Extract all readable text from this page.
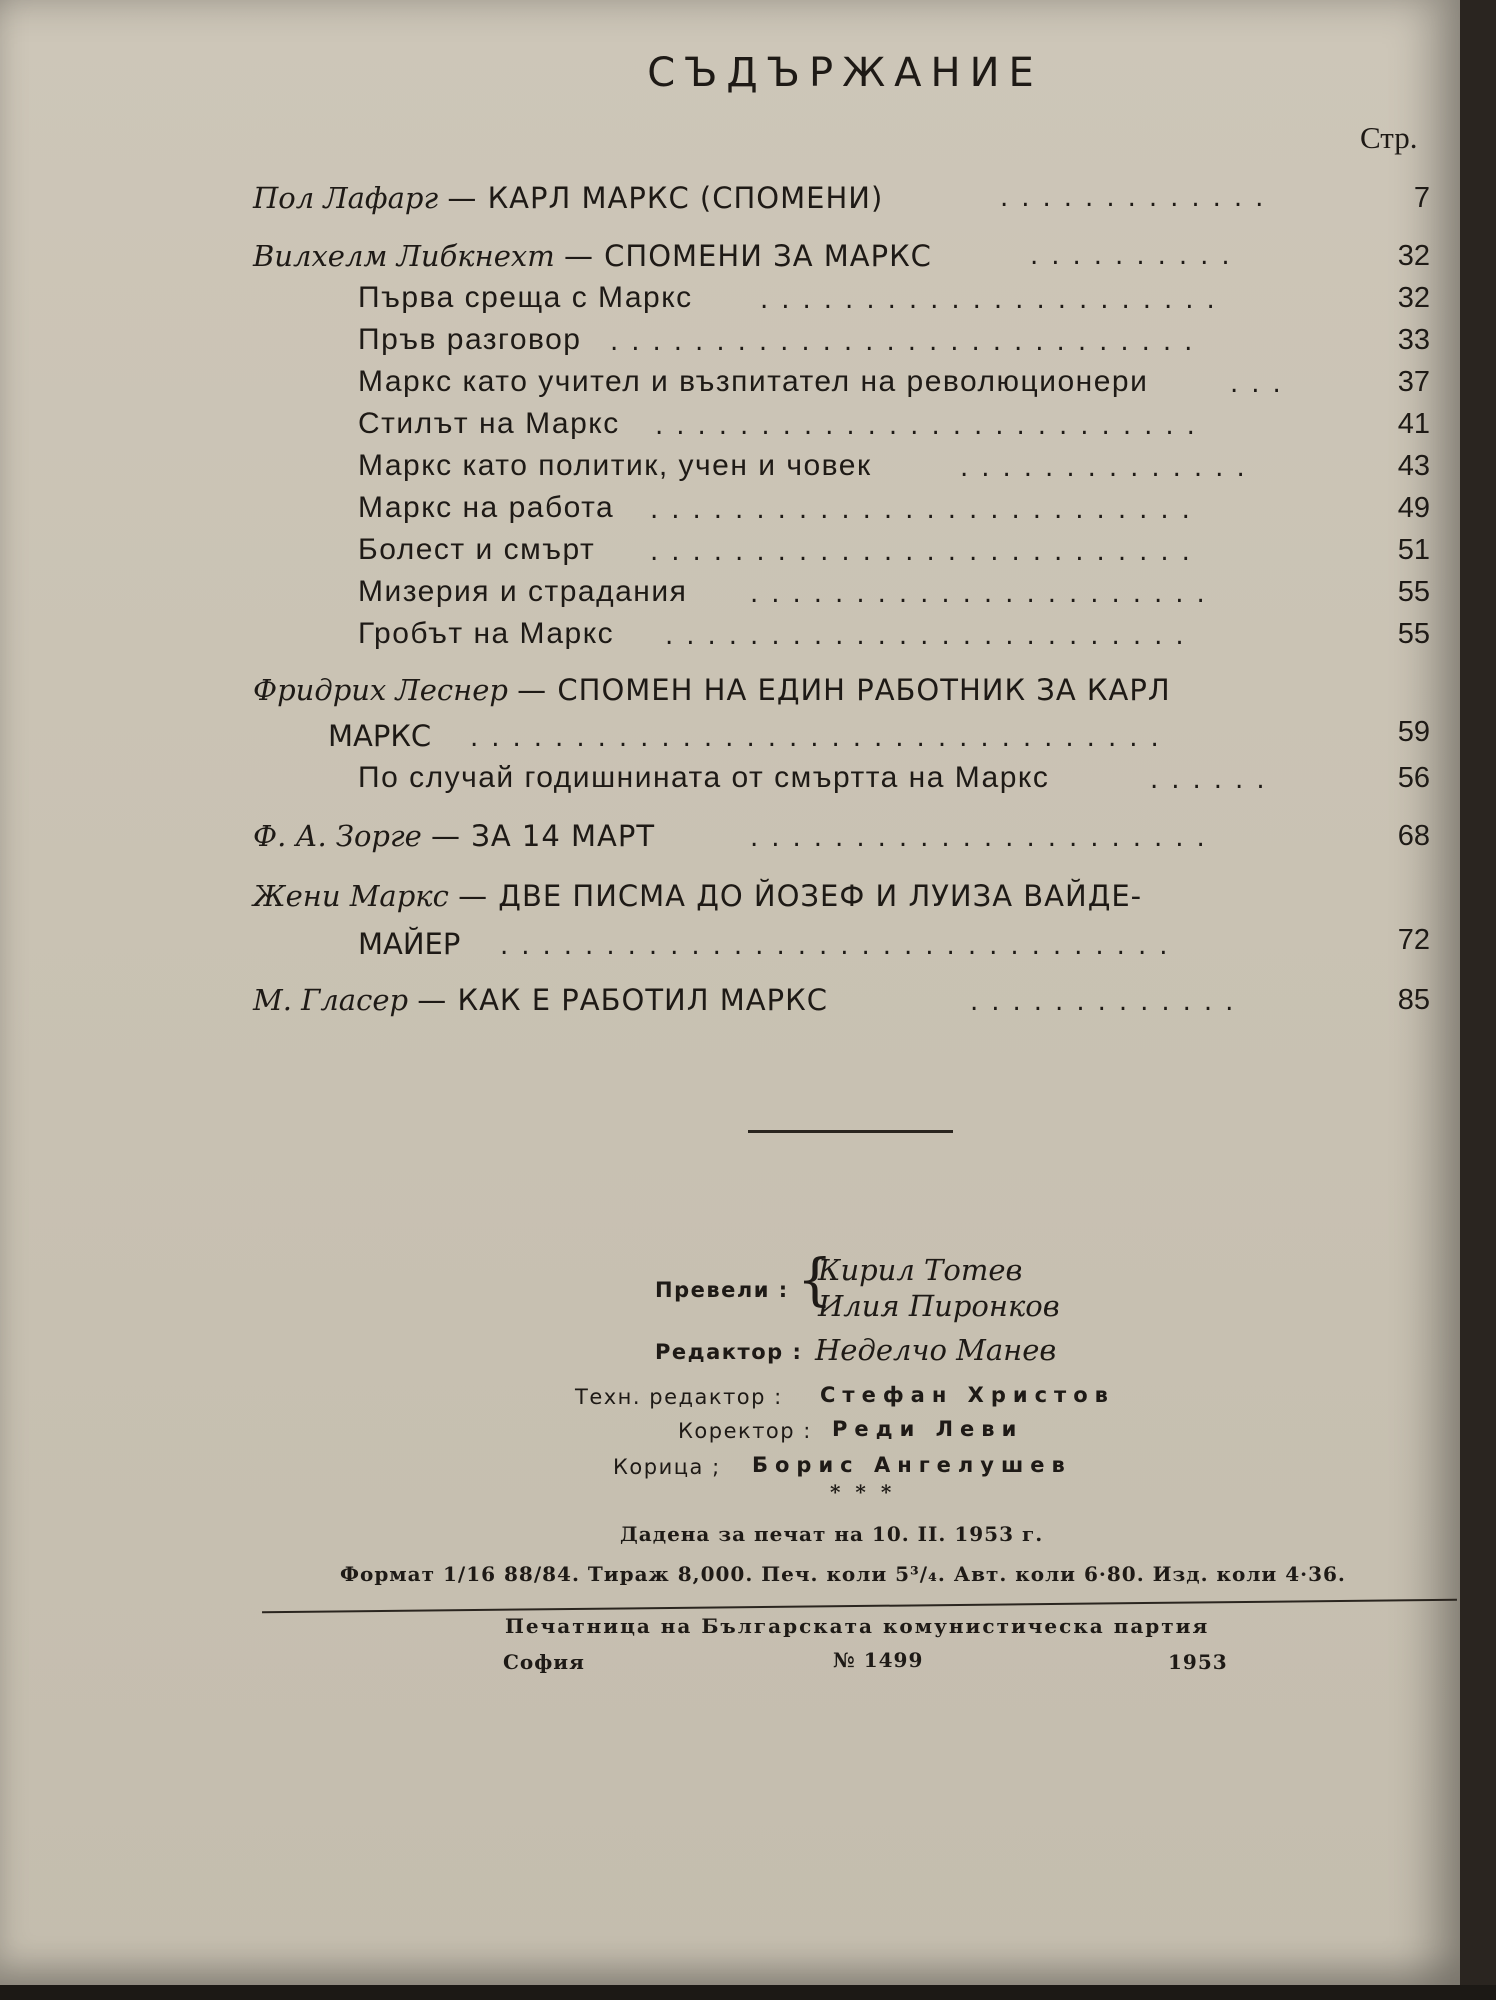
СЪДЪРЖАНИЕ
Стр.
Пол Лафарг — КАРЛ МАРКС (СПОМЕНИ)	.............	7
Вилхелм Либкнехт — СПОМЕНИ ЗА МАРКС	..........	32
Първа среща с Маркс	......................	32
Пръв разговор ............................	33
Маркс като учител и възпитател на революционери	...	37
Стилът на Маркс ..........................	41
Маркс като политик, учен и човек	..............	43
Маркс на работа ..........................	49
Болест и смърт ..........................	51
Мизерия и страдания ......................	55
Гробът на Маркс .........................	55
Фридрих Леснер — СПОМЕН НА ЕДИН РАБОТНИК ЗА КАРЛ
МАРКС .................................	59
По случай годишнината от смъртта на Маркс	......	56
Ф. А. Зорге — ЗА 14 МАРТ	......................	68
Жени Маркс — ДВЕ ПИСМА ДО ЙОЗЕФ И ЛУИЗА ВАЙДЕ-
МАЙЕР ................................	72
М. Гласер — КАК Е РАБОТИЛ МАРКС	.............	85
Превели : {
Кирил Тотев
Илия Пиронков
Редактор : Неделчо Манев
Техн. редактор : Стефан Христов
Коректор : Реди Леви
Корица ; Борис Ангелушев
* * *
Дадена за печат на 10. II. 1953 г.
Формат 1/16 88/84. Тираж 8,000. Печ. коли 5³/₄. Авт. коли 6·80. Изд. коли 4·36.
Печатница на Българската комунистическа партия
София	№ 1499	1953
